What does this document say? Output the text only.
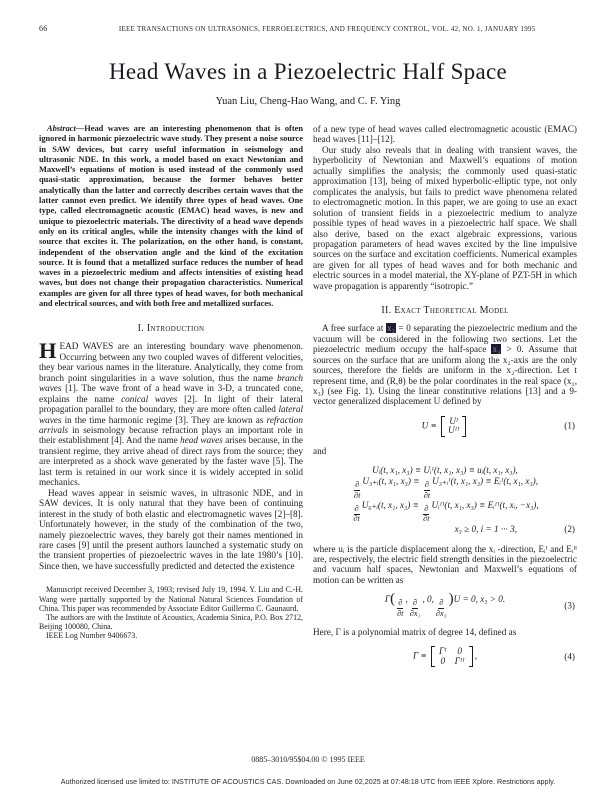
66	IEEE TRANSACTIONS ON ULTRASONICS, FERROELECTRICS, AND FREQUENCY CONTROL, VOL. 42, NO. 1, JANUARY 1995
Head Waves in a Piezoelectric Half Space
Yuan Liu, Cheng-Hao Wang, and C. F. Ying

Abstract—Head waves are an interesting phenomenon that is often ignored in harmonic piezoelectric wave study. They present a noise source in SAW devices, but carry useful information in seismology and ultrasonic NDE. In this work, a model based on exact Newtonian and Maxwell’s equations of motion is used instead of the commonly used quasi-static approximation, because the former behaves better analytically than the latter and correctly describes certain waves that the latter cannot even predict. We identify three types of head waves. One type, called electromagnetic acoustic (EMAC) head waves, is new and unique to piezoelectric materials. The directivity of a head wave depends only on its critical angles, while the intensity changes with the kind of source that excites it. The polarization, on the other hand, is constant, independent of the observation angle and the kind of the excitation source. It is found that a metallized surface reduces the number of head waves in a piezoelectric medium and affects intensities of existing head waves, but does not change their propagation characteristics. Numerical examples are given for all three types of head waves, for both mechanical and electrical sources, and with both free and metallized surfaces.

I. Introduction

HEAD WAVES are an interesting boundary wave phenomenon. Occurring between any two coupled waves of different velocities, they bear various names in the literature. Analytically, they come from branch point singularities in a wave solution, thus the name branch waves [1]. The wave front of a head wave in 3-D, a truncated cone, explains the name conical waves [2]. In light of their lateral propagation parallel to the boundary, they are more often called lateral waves in the time harmonic regime [3]. They are known as refraction arrivals in seismology because refraction plays an important role in their establishment [4]. And the name head waves arises because, in the transient regime, they arrive ahead of direct rays from the source; they are interpreted as a shock wave generated by the faster wave [5]. The last term is retained in our work since it is widely accepted in solid mechanics.

Head waves appear in seismic waves, in ultrasonic NDE, and in SAW devices. It is only natural that they have been of continuing interest in the study of both elastic and electromagnetic waves [2]–[8]. Unfortunately however, in the study of the combination of the two, namely piezoelectric waves, they barely got their names mentioned in rare cases [9] until the present authors launched a systematic study on the transient properties of piezoelectric waves in the late 1980’s [10]. Since then, we have successfully predicted and detected the existence

Manuscript received December 3, 1993; revised July 19, 1994. Y. Liu and C.-H. Wang were partially supported by the National Natural Sciences Foundation of China. This paper was recommended by Associate Editor Guillermo C. Gaunaurd.

The authors are with the Institute of Acoustics, Academia Sinica, P.O. Box 2712, Beijing 100080, China.

IEEE Log Number 9406673.

of a new type of head waves called electromagnetic acoustic (EMAC) head waves [11]–[12].

Our study also reveals that in dealing with transient waves, the hyperbolicity of Newtonian and Maxwell’s equations of motion actually simplifies the analysis; the commonly used quasi-static approximation [13], being of mixed hyperbolic-elliptic type, not only complicates the analysis, but fails to predict wave phenomena related to electromagnetic motion. In this paper, we are going to use an exact solution of transient fields in a piezoelectric medium to analyze possible types of head waves in a piezoelectric half space. We shall also derive, based on the exact algebraic expressions, various propagation parameters of head waves excited by the line impulsive sources on the surface and excitation coefficients. Numerical examples are given for all types of head waves and for both mechanic and electric sources in a model material, the XY-plane of PZT-5H in which wave propagation is apparently “isotropic.”

II. Exact Theoretical Model

A free surface at x₃ = 0 separating the piezoelectric medium and the vacuum will be considered in the following two sections. Let the piezoelectric medium occupy the half-space x₃ > 0. Assume that sources on the surface that are uniform along the x₂-axis are the only sources, therefore the fields are uniform in the x₂-direction. Let t represent time, and (R,θ) be the polar coordinates in the real space (x₁, x₃) (see Fig. 1). Using the linear constitutive relations [13] and a 9-vector generalized displacement U defined by

U ≡ Uᴵ
Uᴵᴵ	(1)

and

Uᵢ(t, x₁, x₃) ≡ Uᵢᴵ(t, x₁, x₃) ≡ uᵢ(t, x₁, x₃),
$\frac{\partial}{\partial t}$ U₃₊ᵢ(t, x₁, $x_3) \equiv \frac{\partial}{\partial t}$ U₃₊ᵢᴵ(t, x₁, x₃) ≡ Eᵢᴵ(t, x₁, x₃),
$\frac{\partial}{\partial t}$ U₆₊ᵢ(t, x₁, $x_3) \equiv \frac{\partial}{\partial t}$ Uᵢᴵᴵ(t, x₁, x₃) ≡ Eᵢᴵᴵ(t, xᵢ, −x₃),
x₃ ≥ 0, i = 1 ··· 3,	(2)

where uᵢ is the particle displacement along the xᵢ -direction, Eᵢᴵ and Eᵢᴵᴵ are, respectively, the electric field strength densities in the piezoelectric and vacuum half spaces, Newtonian and Maxwell’s equations of motion can be written as

Γ(
$\frac{\partial}{\partial t}$ , $\frac{\partial}{\text{∂x₁}}$ , 0, $\frac{\partial}{\text{∂x₃}}$
)U = 0, x₃ > 0.
(3)

Here, Γ is a polynomial matrix of degree 14, defined as

Γ ≡ Γᴵ 0
0 Γᴵᴵ ,	(4)
0885–3010/95$04.00 © 1995 IEEE
Authorized licensed use limited to: INSTITUTE OF ACOUSTICS CAS. Downloaded on June 02,2025 at 07:48:18 UTC from IEEE Xplore. Restrictions apply.
